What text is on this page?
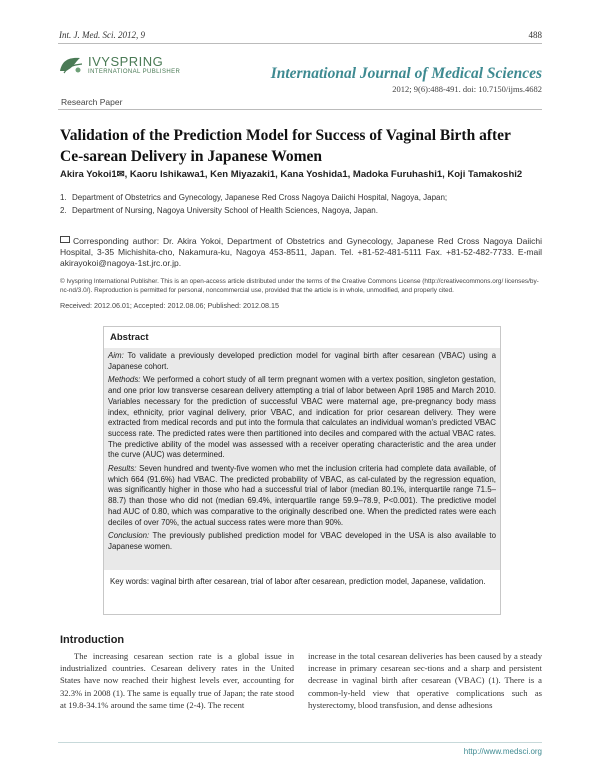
Int. J. Med. Sci. 2012, 9	488
IVYSPRING
INTERNATIONAL PUBLISHER	International Journal of Medical Sciences
2012; 9(6):488-491. doi: 10.7150/ijms.4682
Research Paper
Validation of the Prediction Model for Success of Vaginal Birth after Ce-sarean Delivery in Japanese Women
Akira Yokoi1✉, Kaoru Ishikawa1, Ken Miyazaki1, Kana Yoshida1, Madoka Furuhashi1, Koji Tamakoshi2
1. Department of Obstetrics and Gynecology, Japanese Red Cross Nagoya Daiichi Hospital, Nagoya, Japan;
2. Department of Nursing, Nagoya University School of Health Sciences, Nagoya, Japan.
Corresponding author: Dr. Akira Yokoi, Department of Obstetrics and Gynecology, Japanese Red Cross Nagoya Daiichi Hospital, 3-35 Michishita-cho, Nakamura-ku, Nagoya 453-8511, Japan. Tel. +81-52-481-5111 Fax. +81-52-482-7733. E-mail akirayokoi@nagoya-1st.jrc.or.jp.
© Ivyspring International Publisher. This is an open-access article distributed under the terms of the Creative Commons License (http://creativecommons.org/ licenses/by-nc-nd/3.0/). Reproduction is permitted for personal, noncommercial use, provided that the article is in whole, unmodified, and properly cited.
Received: 2012.06.01; Accepted: 2012.08.06; Published: 2012.08.15
Abstract

Aim: To validate a previously developed prediction model for vaginal birth after cesarean (VBAC) using a Japanese cohort.

Methods: We performed a cohort study of all term pregnant women with a vertex position, singleton gestation, and one prior low transverse cesarean delivery attempting a trial of labor between April 1985 and March 2010. Variables necessary for the prediction of successful VBAC were maternal age, pre-pregnancy body mass index, ethnicity, prior vaginal delivery, prior VBAC, and indication for prior cesarean delivery. They were extracted from medical records and put into the formula that calculates an individual woman's predicted VBAC success rate. The predicted rates were then partitioned into deciles and compared with the actual VBAC rates. The predictive ability of the model was assessed with a receiver operating characteristic and the area under the curve (AUC) was determined.

Results: Seven hundred and twenty-five women who met the inclusion criteria had complete data available, of which 664 (91.6%) had VBAC. The predicted probability of VBAC, as cal-culated by the regression equation, was significantly higher in those who had a successful trial of labor (median 80.1%, interquartile range 71.5–88.7) than those who did not (median 69.4%, interquartile range 59.9–78.9, P<0.001). The predictive model had AUC of 0.80, which was comparative to the originally described one. When the predicted rates were each deciles of over 70%, the actual success rates were more than 90%.

Conclusion: The previously published prediction model for VBAC developed in the USA is also available to Japanese women.

Key words: vaginal birth after cesarean, trial of labor after cesarean, prediction model, Japanese, validation.
Introduction
The increasing cesarean section rate is a global issue in industrialized countries. Cesarean delivery rates in the United States have now reached their highest levels ever, accounting for 32.3% in 2008 (1). The same is equally true of Japan; the rate stood at 19.8-34.1% around the same time (2-4). The recent
increase in the total cesarean deliveries has been caused by a steady increase in primary cesarean sec-tions and a sharp and persistent decrease in vaginal birth after cesarean (VBAC) (1). There is a common-ly-held view that operative complications such as hysterectomy, blood transfusion, and dense adhesions
http://www.medsci.org
